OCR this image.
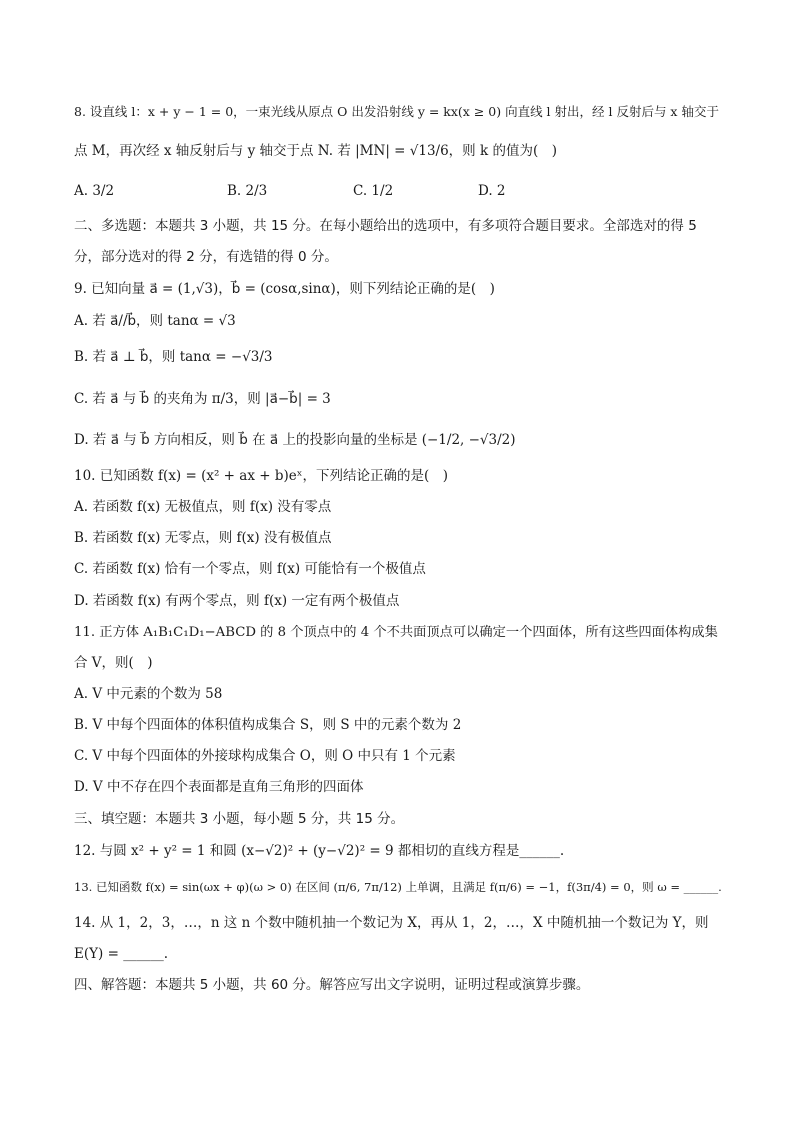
8. 设直线 l：x + y − 1 = 0，一束光线从原点 O 出发沿射线 y = kx(x ≥ 0) 向直线 l 射出，经 l 反射后与 x 轴交于
点 M，再次经 x 轴反射后与 y 轴交于点 N. 若 |MN| = √13/6，则 k 的值为(　)
A. 3/2	B. 2/3	C. 1/2	D. 2
二、多选题：本题共 3 小题，共 15 分。在每小题给出的选项中，有多项符合题目要求。全部选对的得 5
分，部分选对的得 2 分，有选错的得 0 分。
9. 已知向量 a⃗ = (1,√3)，b⃗ = (cosα,sinα)，则下列结论正确的是(　)
A. 若 a⃗//b⃗，则 tanα = √3
B. 若 a⃗ ⊥ b⃗，则 tanα = −√3/3
C. 若 a⃗ 与 b⃗ 的夹角为 π/3，则 |a⃗−b⃗| = 3
D. 若 a⃗ 与 b⃗ 方向相反，则 b⃗ 在 a⃗ 上的投影向量的坐标是 (−1/2, −√3/2)
10. 已知函数 f(x) = (x² + ax + b)eˣ，下列结论正确的是(　)
A. 若函数 f(x) 无极值点，则 f(x) 没有零点
B. 若函数 f(x) 无零点，则 f(x) 没有极值点
C. 若函数 f(x) 恰有一个零点，则 f(x) 可能恰有一个极值点
D. 若函数 f(x) 有两个零点，则 f(x) 一定有两个极值点
11. 正方体 A₁B₁C₁D₁−ABCD 的 8 个顶点中的 4 个不共面顶点可以确定一个四面体，所有这些四面体构成集
合 V，则(　)
A. V 中元素的个数为 58
B. V 中每个四面体的体积值构成集合 S，则 S 中的元素个数为 2
C. V 中每个四面体的外接球构成集合 O，则 O 中只有 1 个元素
D. V 中不存在四个表面都是直角三角形的四面体
三、填空题：本题共 3 小题，每小题 5 分，共 15 分。
12. 与圆 x² + y² = 1 和圆 (x−√2)² + (y−√2)² = 9 都相切的直线方程是______.
13. 已知函数 f(x) = sin(ωx + φ)(ω > 0) 在区间 (π/6, 7π/12) 上单调，且满足 f(π/6) = −1，f(3π/4) = 0，则 ω = ______.
14. 从 1，2，3，…，n 这 n 个数中随机抽一个数记为 X，再从 1，2，…，X 中随机抽一个数记为 Y，则
E(Y) = ______.
四、解答题：本题共 5 小题，共 60 分。解答应写出文字说明，证明过程或演算步骤。
